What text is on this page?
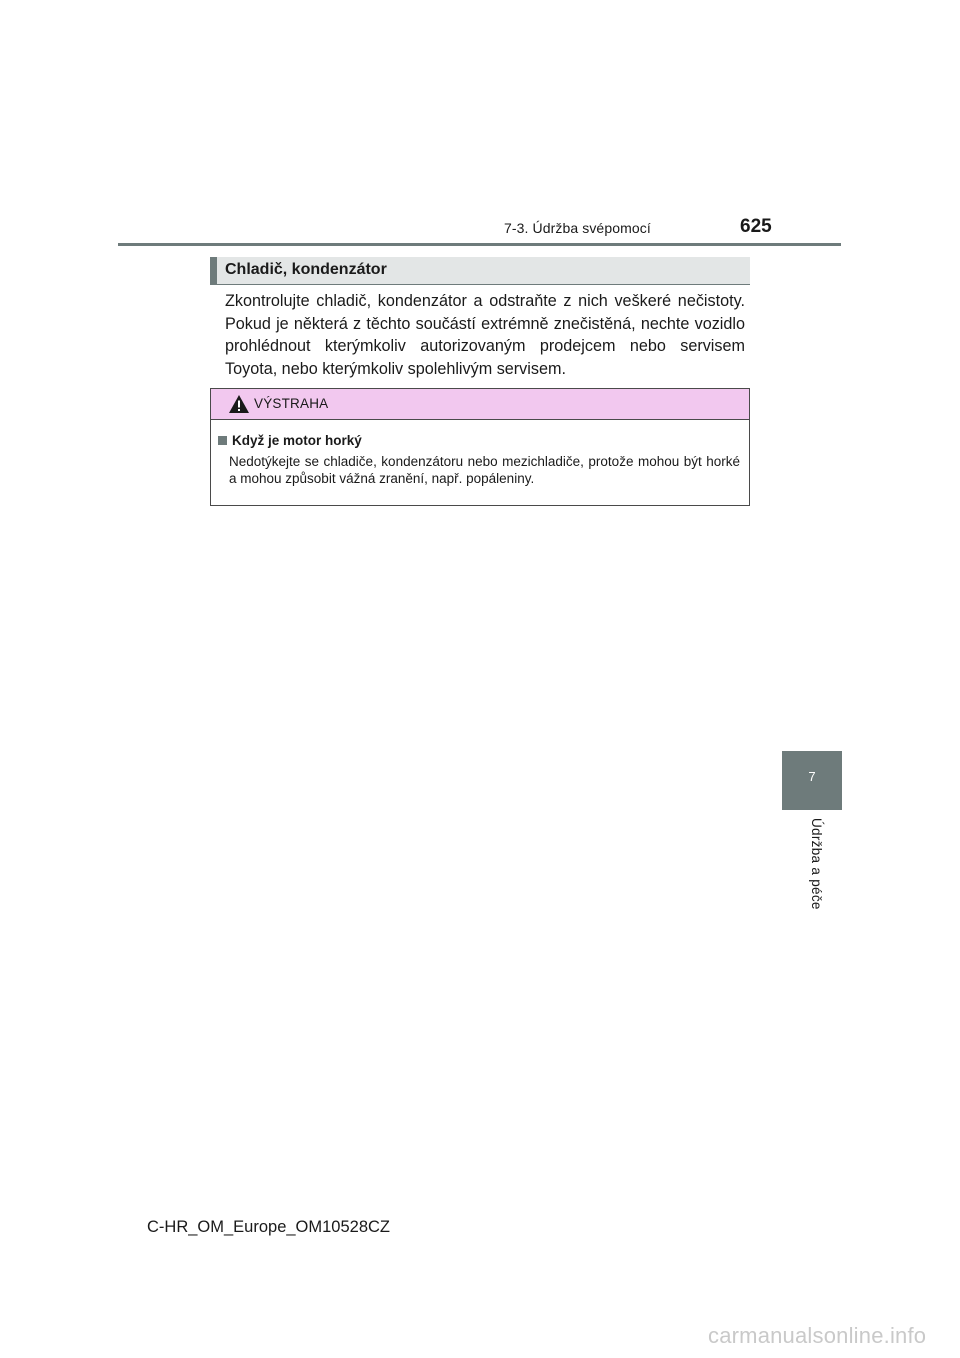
7-3. Údržba svépomocí	625
Chladič, kondenzátor
Zkontrolujte chladič, kondenzátor a odstraňte z nich veškeré nečistoty. Pokud je některá z těchto součástí extrémně znečistěná, nechte vozidlo prohlédnout kterýmkoliv autorizovaným prodejcem nebo servisem Toyota, nebo kterýmkoliv spolehlivým servisem.
VÝSTRAHA
Když je motor horký
Nedotýkejte se chladiče, kondenzátoru nebo mezichladiče, protože mohou být horké a mohou způsobit vážná zranění, např. popáleniny.
7
Údržba a péče
C-HR_OM_Europe_OM10528CZ
carmanualsonline.info
